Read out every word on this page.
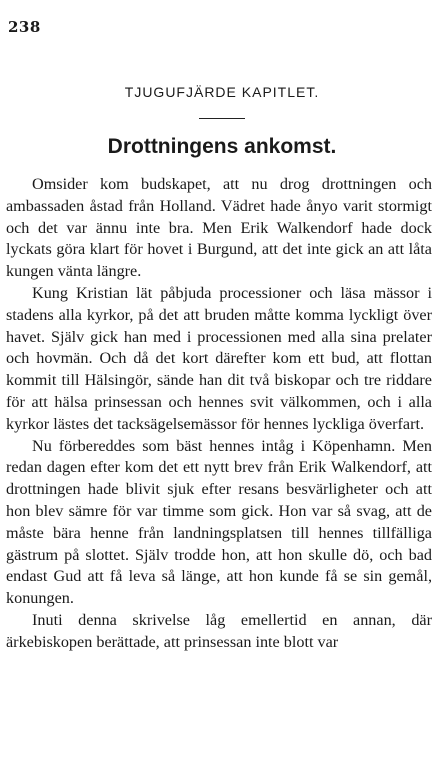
238
TJUGUFJÄRDE KAPITLET.
Drottningens ankomst.

Omsider kom budskapet, att nu drog drottningen och ambassaden åstad från Holland. Vädret hade ånyo varit stormigt och det var ännu inte bra. Men Erik Walkendorf hade dock lyckats göra klart för hovet i Burgund, att det inte gick an att låta kungen vänta längre.

Kung Kristian lät påbjuda processioner och läsa mässor i stadens alla kyrkor, på det att bruden måtte komma lyckligt över havet. Själv gick han med i processionen med alla sina prelater och hovmän. Och då det kort därefter kom ett bud, att flottan kommit till Hälsingör, sände han dit två biskopar och tre riddare för att hälsa prinsessan och hennes svit välkommen, och i alla kyrkor lästes det tacksägelsemässor för hennes lyckliga överfart.

Nu förbereddes som bäst hennes intåg i Köpenhamn. Men redan dagen efter kom det ett nytt brev från Erik Walkendorf, att drottningen hade blivit sjuk efter resans besvärligheter och att hon blev sämre för var timme som gick. Hon var så svag, att de måste bära henne från landningsplatsen till hennes tillfälliga gästrum på slottet. Själv trodde hon, att hon skulle dö, och bad endast Gud att få leva så länge, att hon kunde få se sin gemål, konungen.

Inuti denna skrivelse låg emellertid en annan, där ärkebiskopen berättade, att prinsessan inte blott var
